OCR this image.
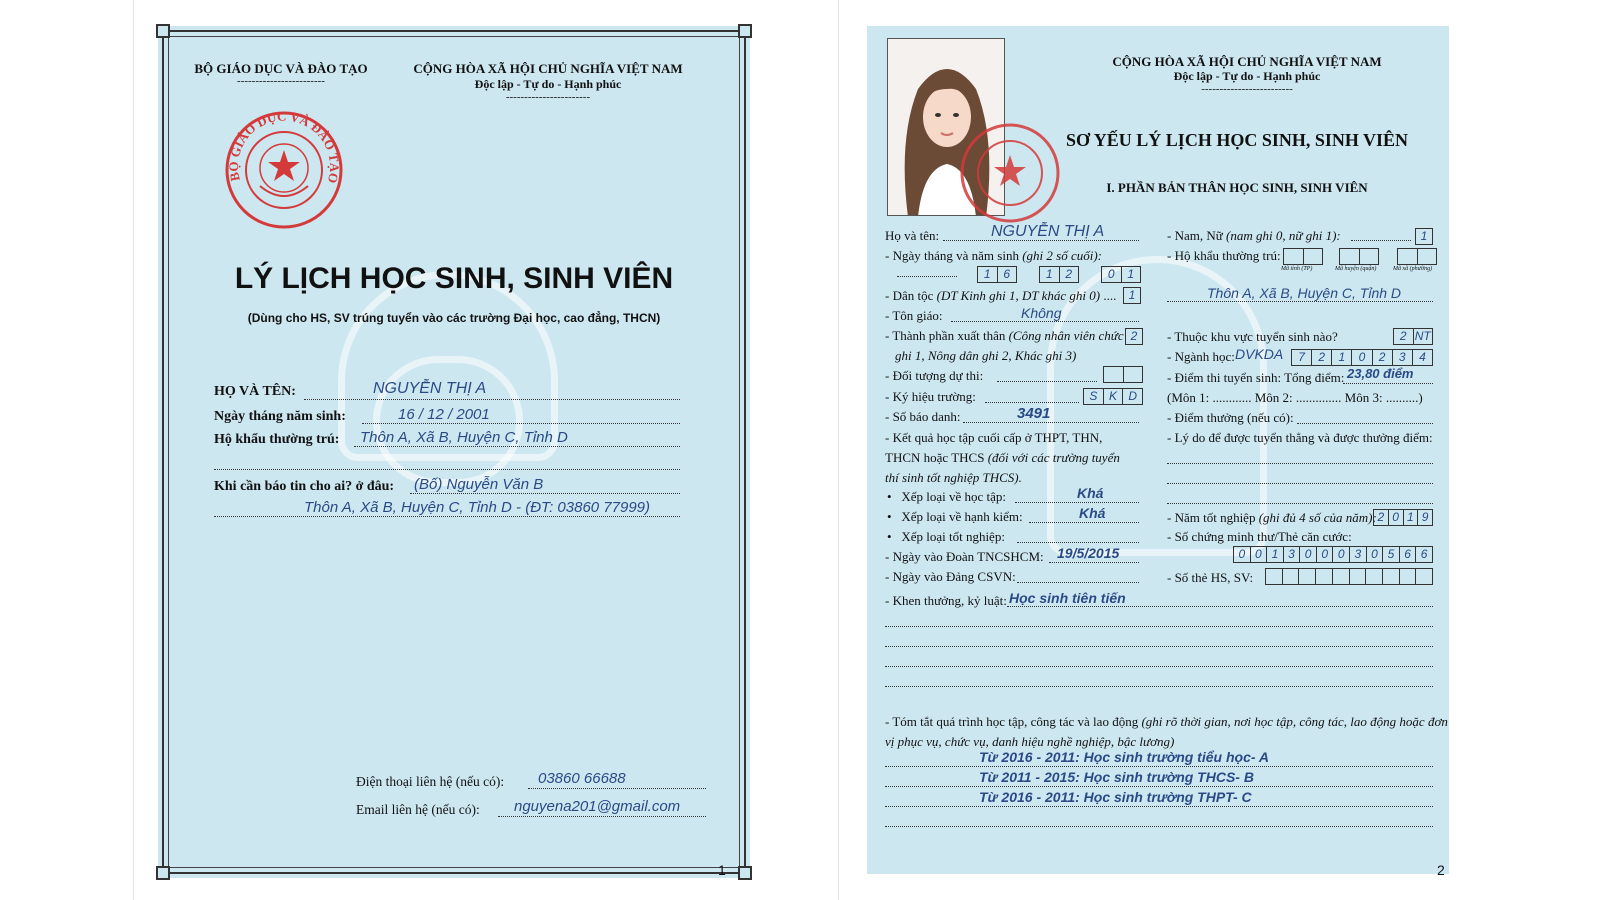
BỘ GIÁO DỤC VÀ ĐÀO TẠO
------------------------
CỘNG HÒA XÃ HỘI CHỦ NGHĨA VIỆT NAM
Độc lập - Tự do - Hạnh phúc
-----------------------
BỘ GIÁO DỤC VÀ ĐÀO TẠO
LÝ LỊCH HỌC SINH, SINH VIÊN
(Dùng cho HS, SV trúng tuyển vào các trường Đại học, cao đẳng, THCN)
HỌ VÀ TÊN:	NGUYỄN THỊ A
Ngày tháng năm sinh:	16 / 12 / 2001
Hộ khẩu thường trú: Thôn A, Xã B, Huyện C, Tỉnh D
Khi cần báo tin cho ai? ở đâu: (Bố) Nguyễn Văn B
Thôn A, Xã B, Huyện C, Tỉnh D - (ĐT: 03860 77999)
Điện thoại liên hệ (nếu có): 03860 66688
Email liên hệ (nếu có): nguyena201@gmail.com
1
CỘNG HÒA XÃ HỘI CHỦ NGHĨA VIỆT NAM
Độc lập - Tự do - Hạnh phúc
-------------------------
SƠ YẾU LÝ LỊCH HỌC SINH, SINH VIÊN
I. PHẦN BẢN THÂN HỌC SINH, SINH VIÊN
Họ và tên:	NGUYỄN THỊ A
- Ngày tháng và năm sinh (ghi 2 số cuối):
1	6	1	2	0	1
- Dân tộc (DT Kinh ghi 1, DT khác ghi 0) ....	1
- Tôn giáo:	Không
- Thành phần xuất thân (Công nhân viên chức 2
ghi 1, Nông dân ghi 2, Khác ghi 3)
- Đối tượng dự thi:
- Ký hiệu trường:	S K D
- Số báo danh:	3491
- Kết quả học tập cuối cấp ở THPT, THN,
THCN hoặc THCS (đối với các trường tuyển
thí sinh tốt nghiệp THCS).
•   Xếp loại về học tập:	Khá
•   Xếp loại về hạnh kiểm:	Khá
•   Xếp loại tốt nghiệp:
- Ngày vào Đoàn TNCSHCM: 19/5/2015
- Ngày vào Đảng CSVN:
- Nam, Nữ (nam ghi 0, nữ ghi 1):	1
- Hộ khẩu thường trú:
Mã tỉnh (TP)	Mã huyện (quận)	Mã xã (phường)
Thôn A, Xã B, Huyện C, Tỉnh D
- Thuộc khu vực tuyển sinh nào?	2 NT
- Ngành học: DVKDA	7	2	1	0	2	3	4
- Điểm thi tuyển sinh: Tổng điểm: 23,80 điểm
(Môn 1: ............ Môn 2: .............. Môn 3: ..........)
- Điểm thưởng (nếu có):
- Lý do để được tuyển thẳng và được thưởng điểm:
- Năm tốt nghiệp (ghi đủ 4 số của năm): 2 0 1 9
- Số chứng minh thư/Thẻ căn cước:
0 0 1 3 0 0 0 3 0 5 6 6
- Số thẻ HS, SV:
- Khen thưởng, kỷ luật: Học sinh tiên tiến
- Tóm tắt quá trình học tập, công tác và lao động (ghi rõ thời gian, nơi học tập, công tác, lao động hoặc đơn
vị phục vụ, chức vụ, danh hiệu nghề nghiệp, bậc lương)
Từ 2016 - 2011: Học sinh trường tiểu học- A
Từ 2011 - 2015: Học sinh trường THCS- B
Từ 2016 - 2011: Học sinh trường THPT- C
2
